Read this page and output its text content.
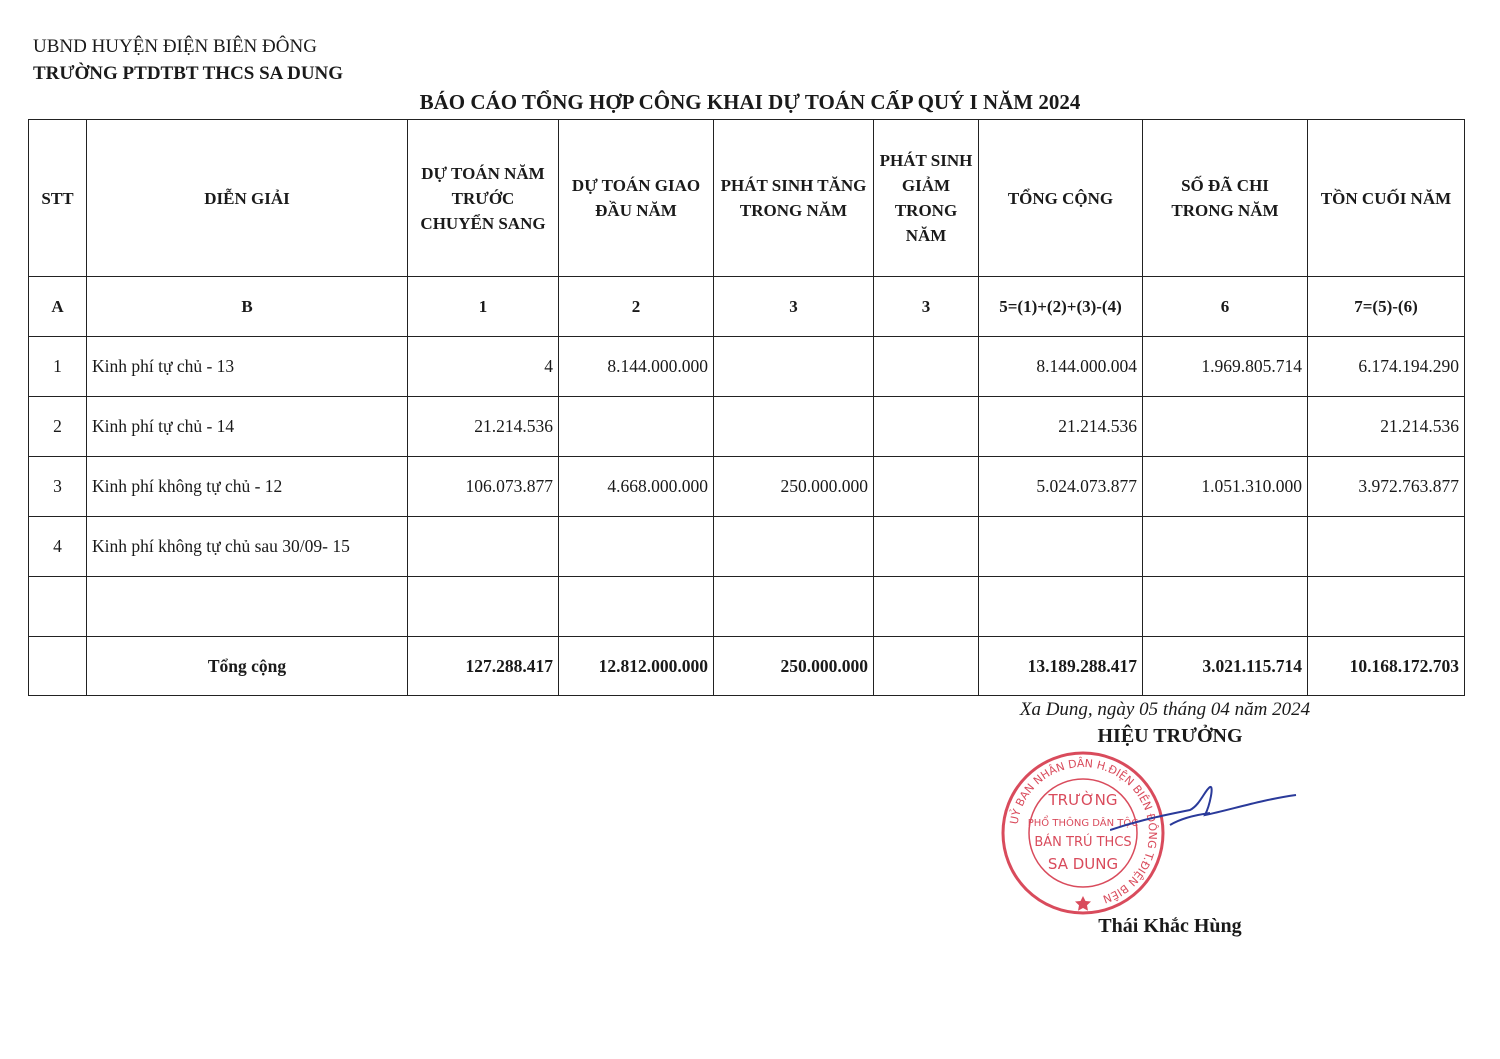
UBND HUYỆN ĐIỆN BIÊN ĐÔNG
TRƯỜNG PTDTBT THCS SA DUNG
BÁO CÁO TỔNG HỢP CÔNG KHAI DỰ TOÁN CẤP QUÝ I NĂM 2024
STT	DIỄN GIẢI	DỰ TOÁN NĂM TRƯỚC CHUYỂN SANG	DỰ TOÁN GIAO ĐẦU NĂM	PHÁT SINH TĂNG TRONG NĂM	PHÁT SINH GIẢM TRONG NĂM	TỔNG CỘNG	SỐ ĐÃ CHI TRONG NĂM	TỒN CUỐI NĂM
A	B	1	2	3	3	5=(1)+(2)+(3)-(4)	6	7=(5)-(6)
1	Kinh phí tự chủ - 13	4	8.144.000.000			8.144.000.004	1.969.805.714	6.174.194.290
2	Kinh phí tự chủ - 14	21.214.536				21.214.536		21.214.536
3	Kinh phí không tự chủ - 12	106.073.877	4.668.000.000	250.000.000		5.024.073.877	1.051.310.000	3.972.763.877
4	Kinh phí không tự chủ sau 30/09- 15							

	Tổng cộng	127.288.417	12.812.000.000	250.000.000		13.189.288.417	3.021.115.714	10.168.172.703
Xa Dung, ngày 05 tháng 04 năm 2024
HIỆU TRƯỞNG
UỶ BAN NHÂN DÂN H.ĐIỆN BIÊN ĐÔNG T.ĐIỆN BIÊN
TRƯỜNG
PHỔ THÔNG DÂN TỘC
BÁN TRÚ THCS
SA DUNG
Thái Khắc Hùng
